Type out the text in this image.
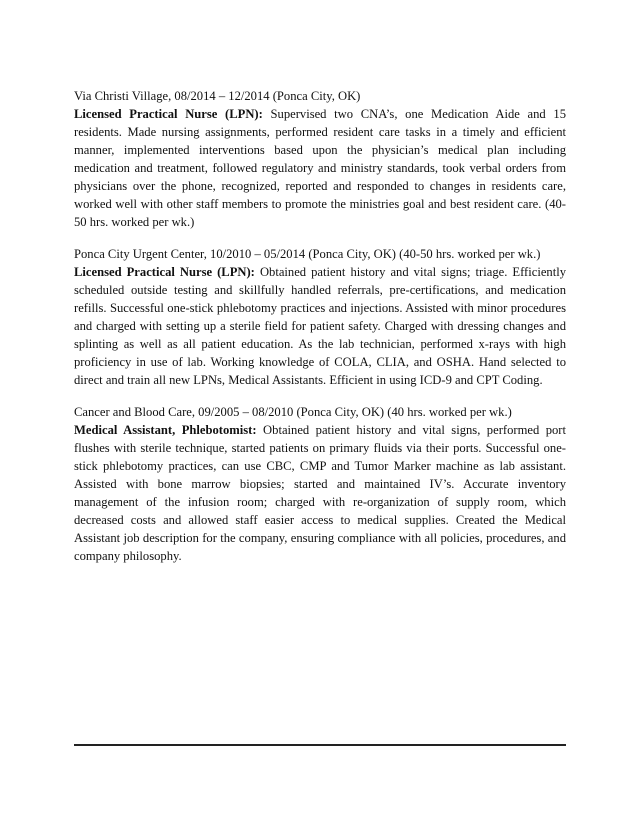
Via Christi Village, 08/2014 – 12/2014 (Ponca City, OK)

Licensed Practical Nurse (LPN): Supervised two CNA’s, one Medication Aide and 15 residents. Made nursing assignments, performed resident care tasks in a timely and efficient manner, implemented interventions based upon the physician’s medical plan including medication and treatment, followed regulatory and ministry standards, took verbal orders from physicians over the phone, recognized, reported and responded to changes in residents care, worked well with other staff members to promote the ministries goal and best resident care. (40-50 hrs. worked per wk.)

Ponca City Urgent Center, 10/2010 – 05/2014 (Ponca City, OK) (40-50 hrs. worked per wk.)

Licensed Practical Nurse (LPN): Obtained patient history and vital signs; triage. Efficiently scheduled outside testing and skillfully handled referrals, pre-certifications, and medication refills. Successful one-stick phlebotomy practices and injections. Assisted with minor procedures and charged with setting up a sterile field for patient safety. Charged with dressing changes and splinting as well as all patient education. As the lab technician, performed x-rays with high proficiency in use of lab. Working knowledge of COLA, CLIA, and OSHA. Hand selected to direct and train all new LPNs, Medical Assistants. Efficient in using ICD-9 and CPT Coding.

Cancer and Blood Care, 09/2005 – 08/2010 (Ponca City, OK) (40 hrs. worked per wk.)

Medical Assistant, Phlebotomist: Obtained patient history and vital signs, performed port flushes with sterile technique, started patients on primary fluids via their ports. Successful one-stick phlebotomy practices, can use CBC, CMP and Tumor Marker machine as lab assistant. Assisted with bone marrow biopsies; started and maintained IV’s. Accurate inventory management of the infusion room; charged with re-organization of supply room, which decreased costs and allowed staff easier access to medical supplies. Created the Medical Assistant job description for the company, ensuring compliance with all policies, procedures, and company philosophy.
